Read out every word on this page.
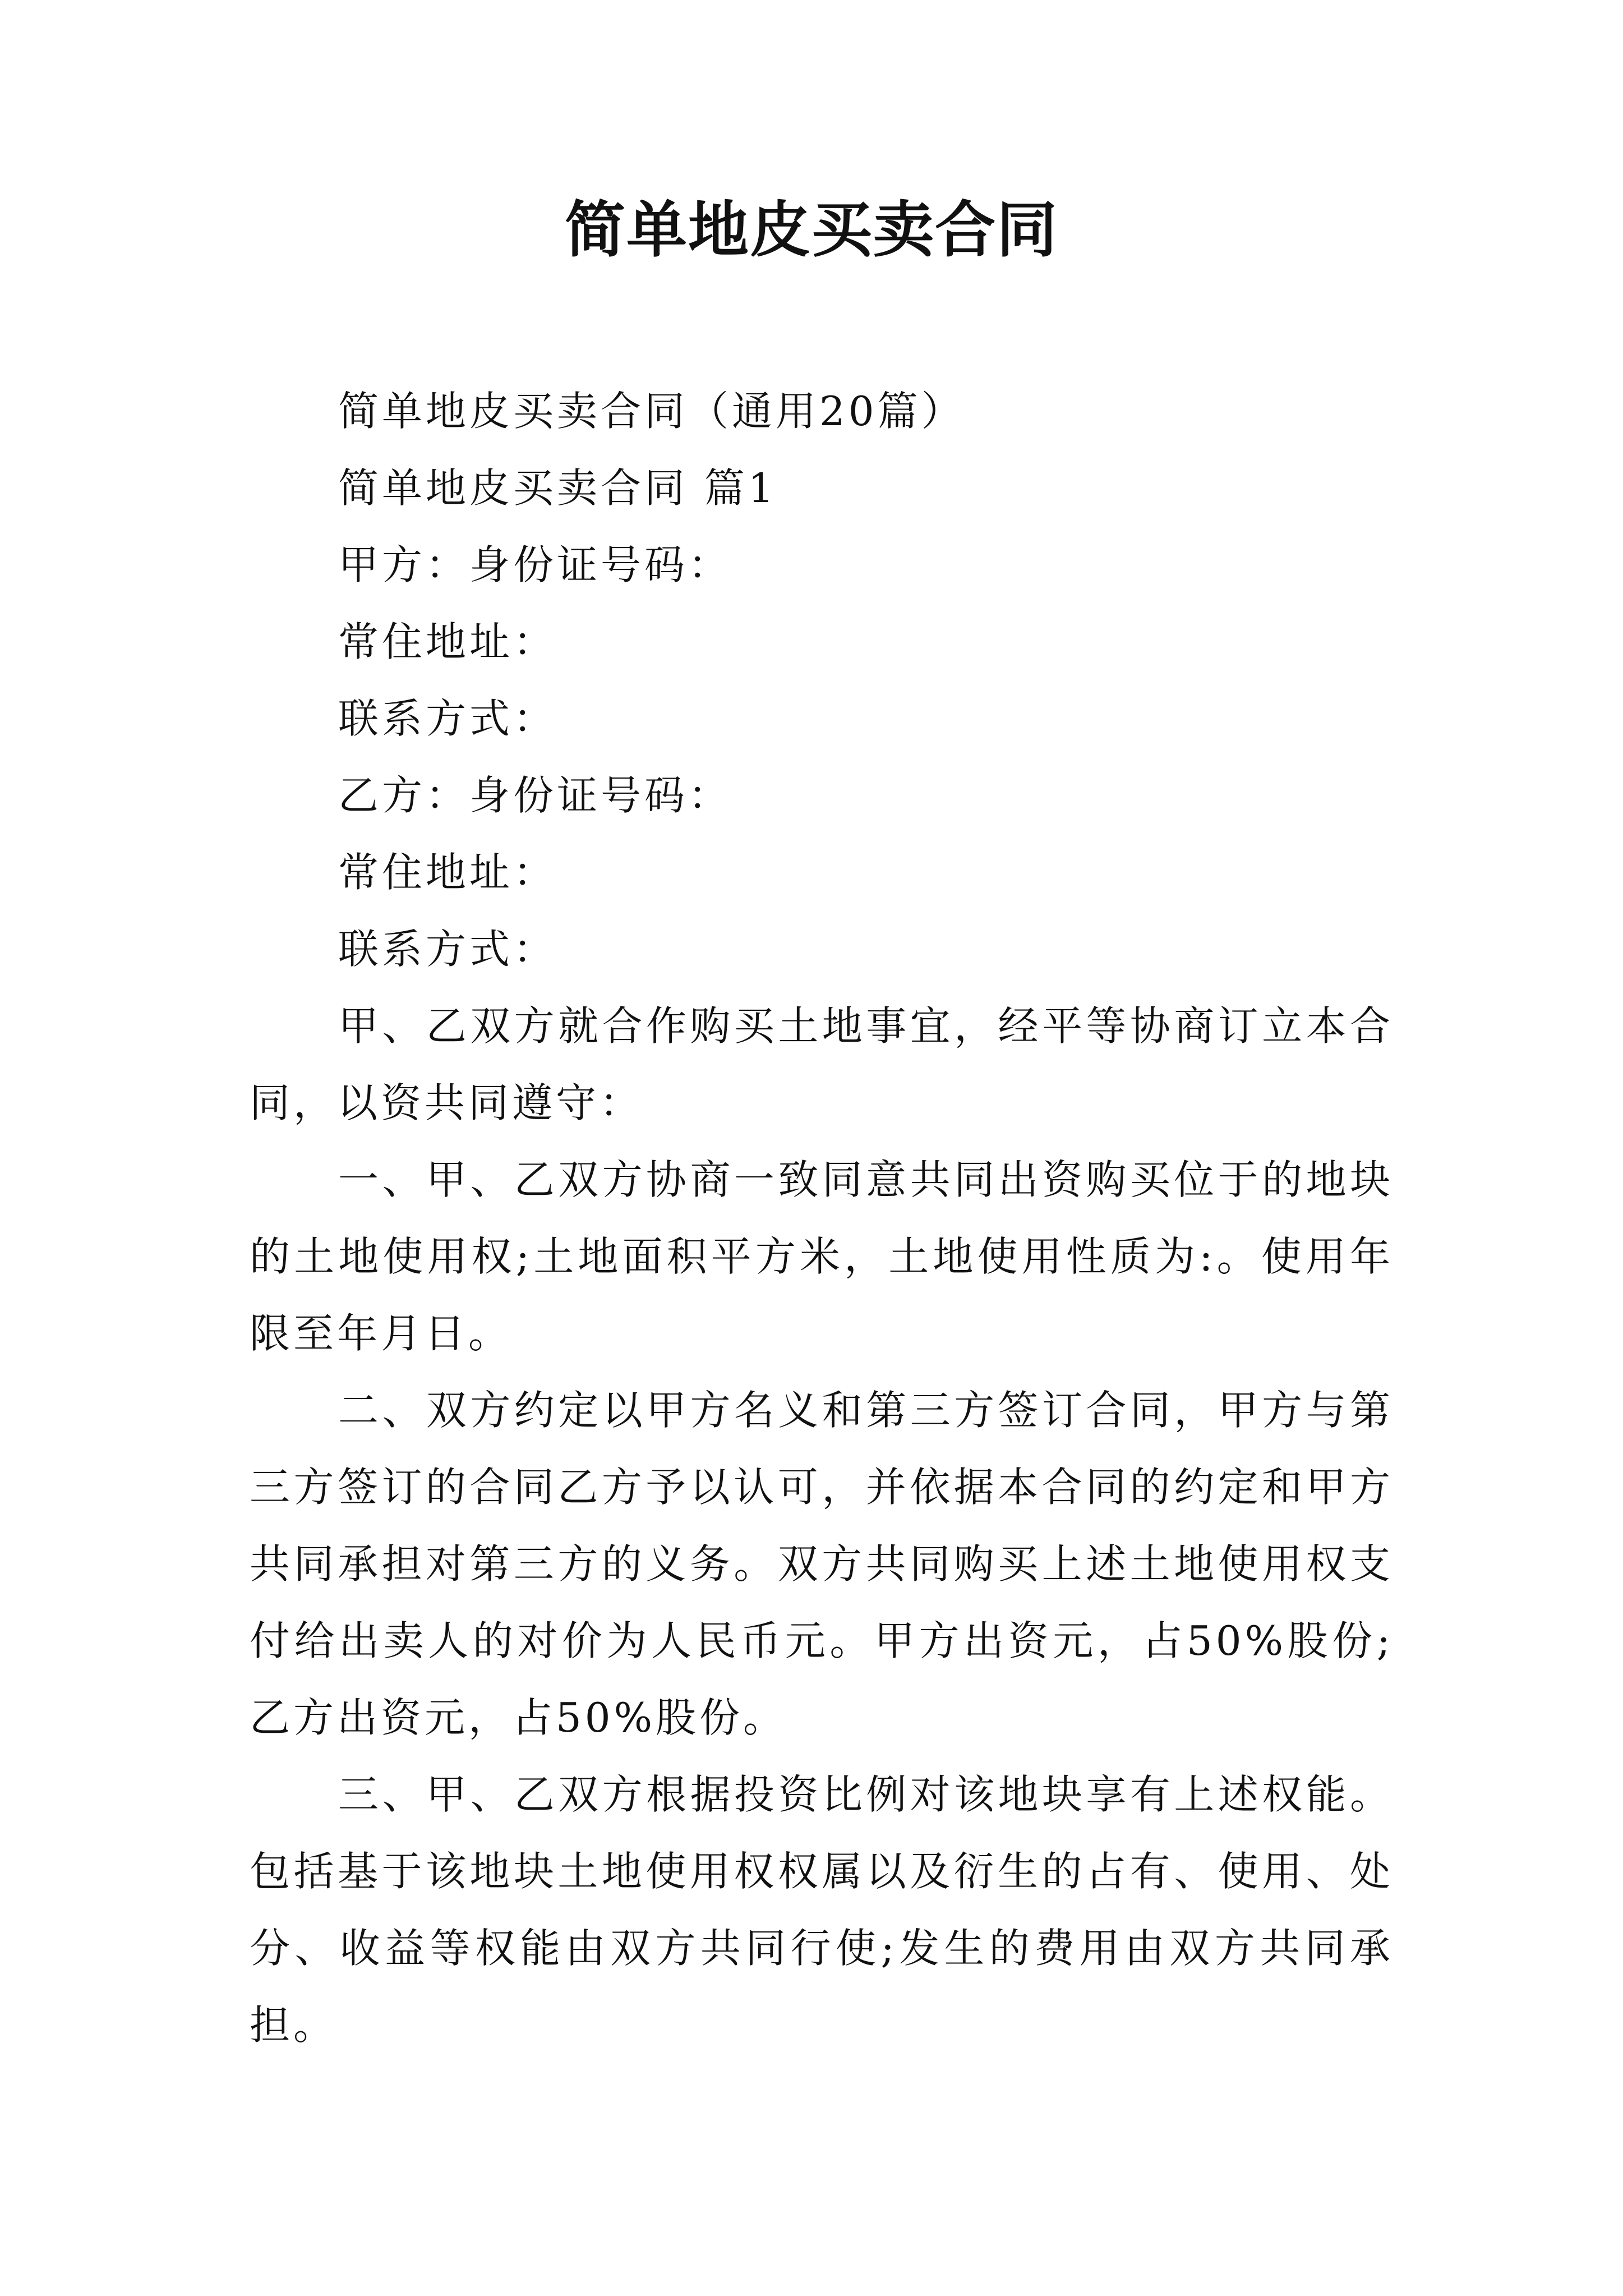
简单地皮买卖合同
简单地皮买卖合同（通用20篇）
简单地皮买卖合同 篇1
甲方：身份证号码：
常住地址：
联系方式：
乙方：身份证号码：
常住地址：
联系方式：

甲、乙双方就合作购买土地事宜，经平等协商订立本合同，以资共同遵守：

一、甲、乙双方协商一致同意共同出资购买位于的地块的土地使用权;土地面积平方米，土地使用性质为:。使用年限至年月日。

二、双方约定以甲方名义和第三方签订合同，甲方与第三方签订的合同乙方予以认可，并依据本合同的约定和甲方共同承担对第三方的义务。双方共同购买上述土地使用权支付给出卖人的对价为人民币元。甲方出资元，占50%股份;乙方出资元，占50%股份。

三、甲、乙双方根据投资比例对该地块享有上述权能。包括基于该地块土地使用权权属以及衍生的占有、使用、处分、收益等权能由双方共同行使;发生的费用由双方共同承担。
